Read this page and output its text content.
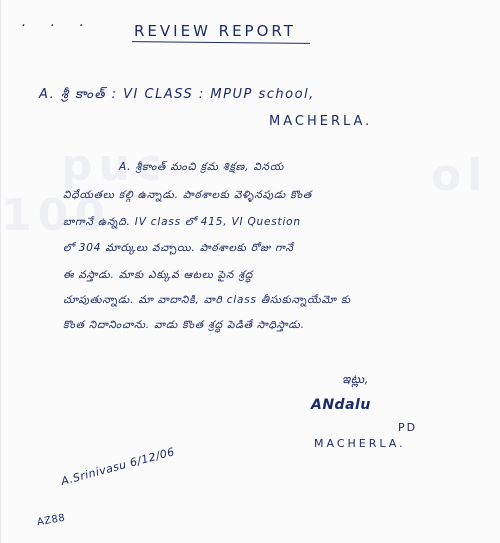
puc
100
ol
· · ·	REVIEW REPORT
A. శ్రీ కాంత్ : VI CLASS : MPUP school,
MACHERLA.
A. శ్రీకాంత్ మంచి క్రమ శిక్షణ, వినయ
విధేయతలు కల్గి ఉన్నాడు. పాఠశాలకు వెళ్ళినపుడు కొంత
బాగానే ఉన్నది. IV class లో 415, VI Question
లో 304 మార్కులు వచ్చాయి. పాఠశాలకు రోజు గానే
ఈ వస్తాడు. మాకు ఎక్కువ ఆటలు పైన శ్రద్ధ
చూపుతున్నాడు. మా వాదానికి, వారి class తీసుకున్నాయేమో కు
కొంత నిదానించాను. వాడు కొంత శ్రద్ధ పెడితే సాధిస్తాడు.
ఇట్లు,
ANdalu
PD
MACHERLA.
A.Srinivasu 6/12/06
AZ88
